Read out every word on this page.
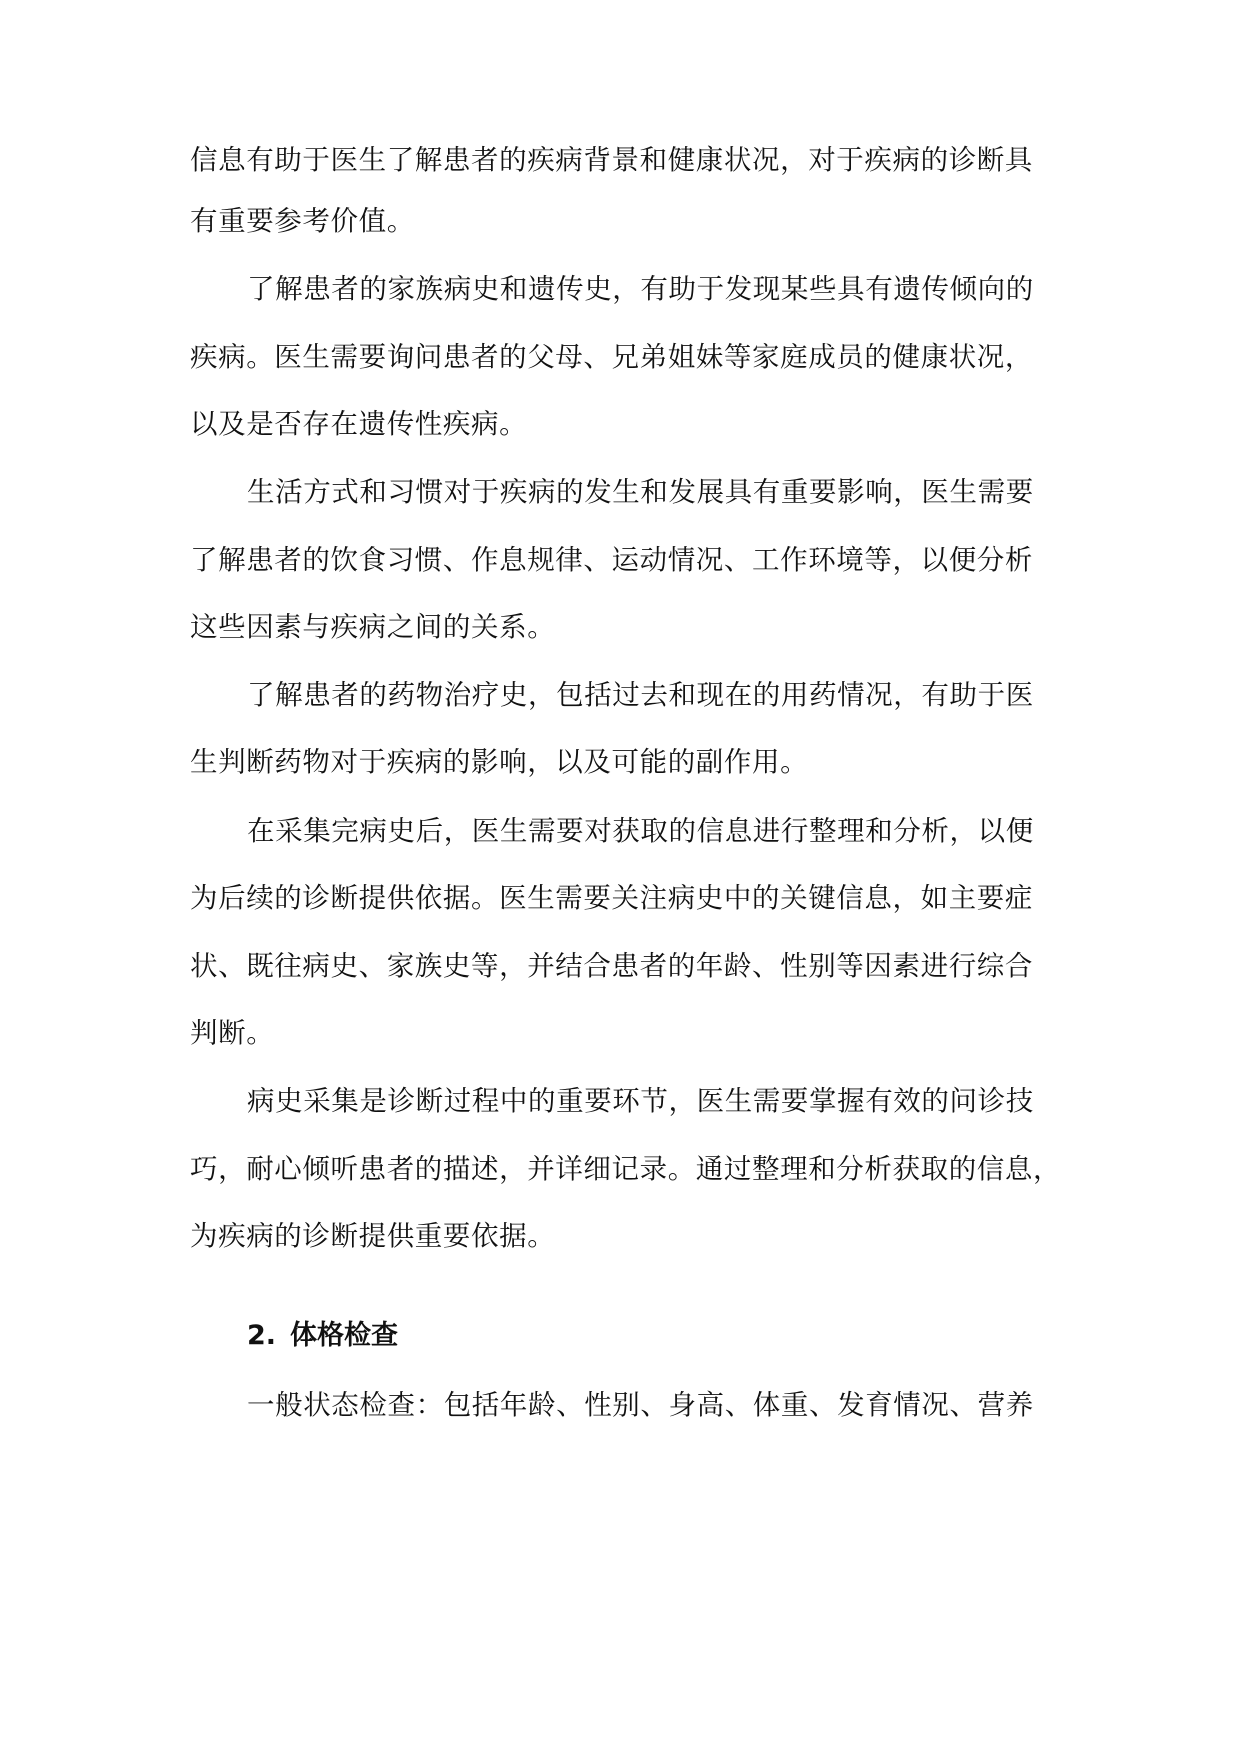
信息有助于医生了解患者的疾病背景和健康状况，对于疾病的诊断具
有重要参考价值。
了解患者的家族病史和遗传史，有助于发现某些具有遗传倾向的
疾病。医生需要询问患者的父母、兄弟姐妹等家庭成员的健康状况，
以及是否存在遗传性疾病。
生活方式和习惯对于疾病的发生和发展具有重要影响，医生需要
了解患者的饮食习惯、作息规律、运动情况、工作环境等，以便分析
这些因素与疾病之间的关系。
了解患者的药物治疗史，包括过去和现在的用药情况，有助于医
生判断药物对于疾病的影响，以及可能的副作用。
在采集完病史后，医生需要对获取的信息进行整理和分析，以便
为后续的诊断提供依据。医生需要关注病史中的关键信息，如主要症
状、既往病史、家族史等，并结合患者的年龄、性别等因素进行综合
判断。
病史采集是诊断过程中的重要环节，医生需要掌握有效的问诊技
巧，耐心倾听患者的描述，并详细记录。通过整理和分析获取的信息，
为疾病的诊断提供重要依据。
2. 体格检查
一般状态检查：包括年龄、性别、身高、体重、发育情况、营养
